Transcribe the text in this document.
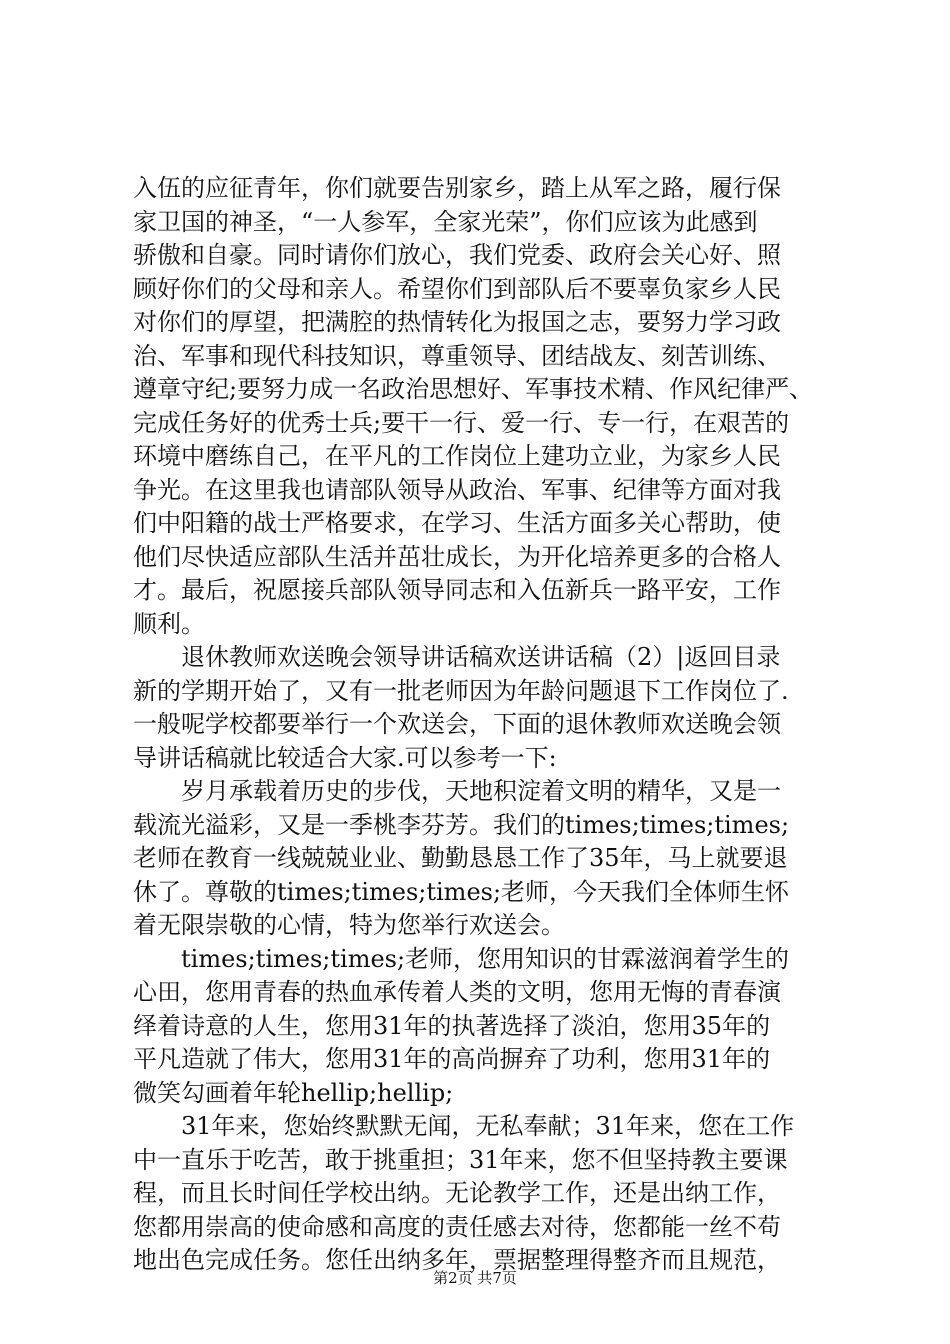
入伍的应征青年，你们就要告别家乡，踏上从军之路，履行保
家卫国的神圣，“一人参军，全家光荣”，你们应该为此感到
骄傲和自豪。同时请你们放心，我们党委、政府会关心好、照
顾好你们的父母和亲人。希望你们到部队后不要辜负家乡人民
对你们的厚望，把满腔的热情转化为报国之志，要努力学习政
治、军事和现代科技知识，尊重领导、团结战友、刻苦训练、
遵章守纪;要努力成一名政治思想好、军事技术精、作风纪律严、
完成任务好的优秀士兵;要干一行、爱一行、专一行，在艰苦的
环境中磨练自己，在平凡的工作岗位上建功立业，为家乡人民
争光。在这里我也请部队领导从政治、军事、纪律等方面对我
们中阳籍的战士严格要求，在学习、生活方面多关心帮助，使
他们尽快适应部队生活并茁壮成长，为开化培养更多的合格人
才。最后，祝愿接兵部队领导同志和入伍新兵一路平安，工作
顺利。
退休教师欢送晚会领导讲话稿欢送讲话稿（2）|返回目录
新的学期开始了，又有一批老师因为年龄问题退下工作岗位了.
一般呢学校都要举行一个欢送会，下面的退休教师欢送晚会领
导讲话稿就比较适合大家.可以参考一下:
岁月承载着历史的步伐，天地积淀着文明的精华，又是一
载流光溢彩，又是一季桃李芬芳。我们的times;times;times;
老师在教育一线兢兢业业、勤勤恳恳工作了35年，马上就要退
休了。尊敬的times;times;times;老师，今天我们全体师生怀
着无限崇敬的心情，特为您举行欢送会。
times;times;times;老师，您用知识的甘霖滋润着学生的
心田，您用青春的热血承传着人类的文明，您用无悔的青春演
绎着诗意的人生，您用31年的执著选择了淡泊，您用35年的
平凡造就了伟大，您用31年的高尚摒弃了功利，您用31年的
微笑勾画着年轮hellip;hellip;
31年来，您始终默默无闻，无私奉献；31年来，您在工作
中一直乐于吃苦，敢于挑重担；31年来，您不但坚持教主要课
程，而且长时间任学校出纳。无论教学工作，还是出纳工作，
您都用崇高的使命感和高度的责任感去对待，您都能一丝不苟
地出色完成任务。您任出纳多年，票据整理得整齐而且规范，
第2页 共7页
